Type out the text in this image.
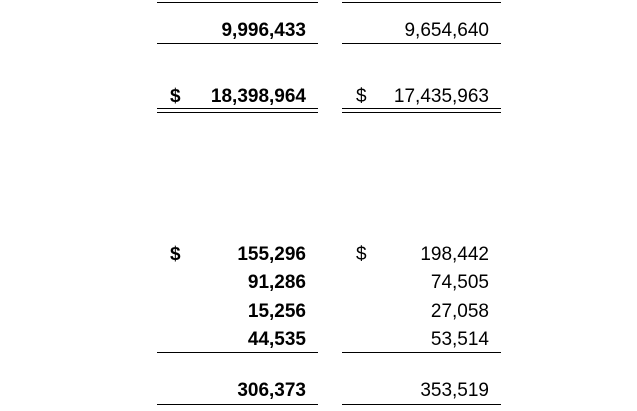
9,996,433	9,654,640
$ 18,398,964	$ 17,435,963
$	155,296	$	198,442
91,286	74,505
15,256	27,058
44,535	53,514
306,373	353,519
